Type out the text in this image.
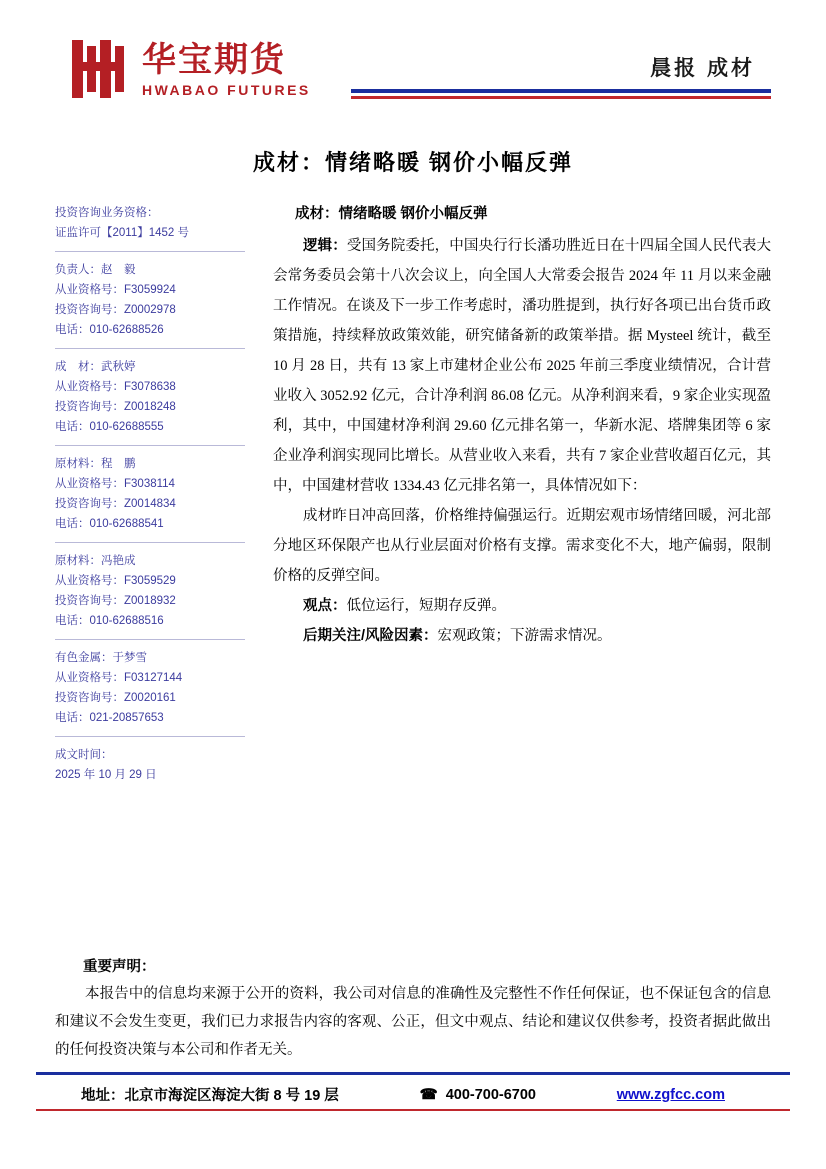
华宝期货
HWABAO FUTURES
晨报 成材
成材：情绪略暖 钢价小幅反弹
投资咨询业务资格：
证监许可【2011】1452 号
负责人：赵　毅
从业资格号：F3059924
投资咨询号：Z0002978
电话：010-62688526
成　材：武秋婷
从业资格号：F3078638
投资咨询号：Z0018248
电话：010-62688555
原材料：程　鹏
从业资格号：F3038114
投资咨询号：Z0014834
电话：010-62688541
原材料：冯艳成
从业资格号：F3059529
投资咨询号：Z0018932
电话：010-62688516
有色金属：于梦雪
从业资格号：F03127144
投资咨询号：Z0020161
电话：021-20857653
成文时间：
2025 年 10 月 29 日
成材：情绪略暖 钢价小幅反弹

逻辑：受国务院委托，中国央行行长潘功胜近日在十四届全国人民代表大会常务委员会第十八次会议上，向全国人大常委会报告 2024 年 11 月以来金融工作情况。在谈及下一步工作考虑时，潘功胜提到，执行好各项已出台货币政策措施，持续释放政策效能，研究储备新的政策举措。据 Mysteel 统计，截至 10 月 28 日，共有 13 家上市建材企业公布 2025 年前三季度业绩情况，合计营业收入 3052.92 亿元，合计净利润 86.08 亿元。从净利润来看，9 家企业实现盈利，其中，中国建材净利润 29.60 亿元排名第一，华新水泥、塔牌集团等 6 家企业净利润实现同比增长。从营业收入来看，共有 7 家企业营收超百亿元，其中，中国建材营收 1334.43 亿元排名第一，具体情况如下：

成材昨日冲高回落，价格维持偏强运行。近期宏观市场情绪回暖，河北部分地区环保限产也从行业层面对价格有支撑。需求变化不大，地产偏弱，限制价格的反弹空间。

观点：低位运行，短期存反弹。

后期关注/风险因素：宏观政策；下游需求情况。

重要声明：

本报告中的信息均来源于公开的资料，我公司对信息的准确性及完整性不作任何保证，也不保证包含的信息和建议不会发生变更，我们已力求报告内容的客观、公正，但文中观点、结论和建议仅供参考，投资者据此做出的任何投资决策与本公司和作者无关。

地址：北京市海淀区海淀大街 8 号 19 层	☎ 400-700-6700	www.zgfcc.com
